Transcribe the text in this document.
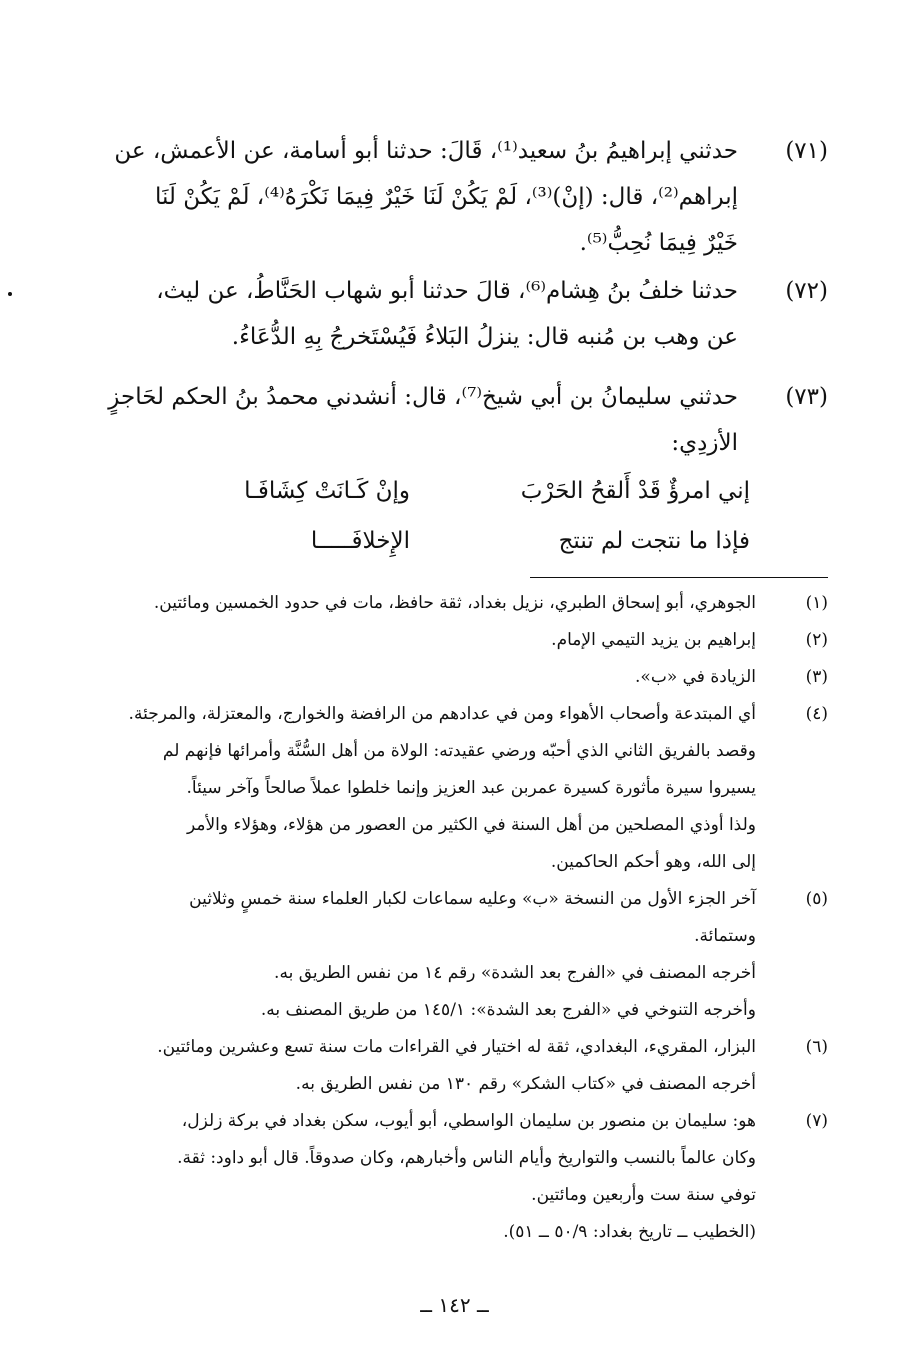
(٧١)
حدثني إبراهيمُ بنُ سعيد⁽¹⁾، قَالَ: حدثنا أبو أسامة، عن الأعمش، عن
إبراهم⁽²⁾، قال: (إنْ)⁽³⁾، لَمْ يَكُنْ لَنَا خَيْرٌ فِيمَا نَكْرَهُ⁽⁴⁾، لَمْ يَكُنْ لَنَا
خَيْرٌ فِيمَا نُحِبُّ⁽⁵⁾.
(٧٢)
حدثنا خلفُ بنُ هِشام⁽⁶⁾، قالَ حدثنا أبو شهاب الحَنَّاطُ، عن ليث،
عن وهب بن مُنبه قال: ينزلُ البَلاءُ فَيُسْتَخرجُ بِهِ الدُّعَاءُ.
(٧٣)
حدثني سليمانُ بن أبي شيخ⁽⁷⁾، قال: أنشدني محمدُ بنُ الحكم لحَاجزٍ
الأزدِي:
إني امرؤٌ قَدْ أَلقحُ الحَرْبَ
وإنْ كَـانَتْ كِشَافَـا
فإذا ما نتجت لم تنتج
الإِخلافَـــــا
(١)
الجوهري، أبو إسحاق الطبري، نزيل بغداد، ثقة حافظ، مات في حدود الخمسين ومائتين.
(٢)
إبراهيم بن يزيد التيمي الإمام.
(٣)
الزيادة في «ب».
(٤)
أي المبتدعة وأصحاب الأهواء ومن في عدادهم من الرافضة والخوارج، والمعتزلة، والمرجئة.
وقصد بالفريق الثاني الذي أحبّه ورضي عقيدته: الولاة من أهل السُّنَّة وأمرائها فإنهم لم
يسيروا سيرة مأثورة كسيرة عمربن عبد العزيز وإنما خلطوا عملاً صالحاً وآخر سيئاً.
ولذا أوذي المصلحين من أهل السنة في الكثير من العصور من هؤلاء، وهؤلاء والأمر
إلى الله، وهو أحكم الحاكمين.
(٥)
آخر الجزء الأول من النسخة «ب» وعليه سماعات لكبار العلماء سنة خمسٍ وثلاثين
وستمائة.
أخرجه المصنف في «الفرج بعد الشدة» رقم ١٤ من نفس الطريق به.
وأخرجه التنوخي في «الفرج بعد الشدة»: ١٤٥/١ من طريق المصنف به.
(٦)
البزار، المقريء، البغدادي، ثقة له اختيار في القراءات مات سنة تسع وعشرين ومائتين.
أخرجه المصنف في «كتاب الشكر» رقم ١٣٠ من نفس الطريق به.
(٧)
هو: سليمان بن منصور بن سليمان الواسطي، أبو أيوب، سكن بغداد في بركة زلزل،
وكان عالماً بالنسب والتواريخ وأيام الناس وأخبارهم، وكان صدوقاً. قال أبو داود: ثقة.
توفي سنة ست وأربعين ومائتين.
(الخطيب ــ تاريخ بغداد: ٥٠/٩ ــ ٥١).
ــ ١٤٢ ــ
